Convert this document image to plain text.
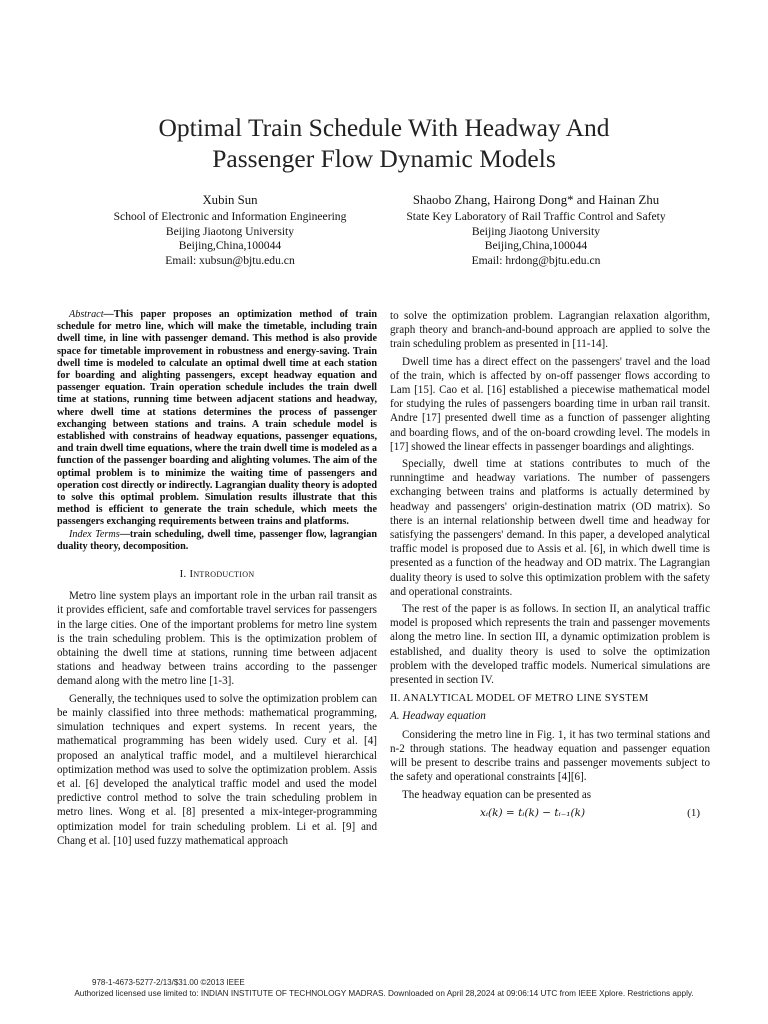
Optimal Train Schedule With Headway And
Passenger Flow Dynamic Models
Xubin Sun
School of Electronic and Information Engineering
Beijing Jiaotong University
Beijing,China,100044
Email: xubsun@bjtu.edu.cn
Shaobo Zhang, Hairong Dong* and Hainan Zhu
State Key Laboratory of Rail Traffic Control and Safety
Beijing Jiaotong University
Beijing,China,100044
Email: hrdong@bjtu.edu.cn

Abstract—This paper proposes an optimization method of train schedule for metro line, which will make the timetable, including train dwell time, in line with passenger demand. This method is also provide space for timetable improvement in robustness and energy-saving. Train dwell time is modeled to calculate an optimal dwell time at each station for boarding and alighting passengers, except headway equation and passenger equation. Train operation schedule includes the train dwell time at stations, running time between adjacent stations and headway, where dwell time at stations determines the process of passenger exchanging between stations and trains. A train schedule model is established with constrains of headway equations, passenger equations, and train dwell time equations, where the train dwell time is modeled as a function of the passenger boarding and alighting volumes. The aim of the optimal problem is to minimize the waiting time of passengers and operation cost directly or indirectly. Lagrangian duality theory is adopted to solve this optimal problem. Simulation results illustrate that this method is efficient to generate the train schedule, which meets the passengers exchanging requirements between trains and platforms.

Index Terms—train scheduling, dwell time, passenger flow, lagrangian duality theory, decomposition.

I. Introduction

Metro line system plays an important role in the urban rail transit as it provides efficient, safe and comfortable travel services for passengers in the large cities. One of the important problems for metro line system is the train scheduling problem. This is the optimization problem of obtaining the dwell time at stations, running time between adjacent stations and headway between trains according to the passenger demand along with the metro line [1-3].

Generally, the techniques used to solve the optimization problem can be mainly classified into three methods: mathematical programming, simulation techniques and expert systems. In recent years, the mathematical programming has been widely used. Cury et al. [4] proposed an analytical traffic model, and a multilevel hierarchical optimization method was used to solve the optimization problem. Assis et al. [6] developed the analytical traffic model and used the model predictive control method to solve the train scheduling problem in metro lines. Wong et al. [8] presented a mix-integer-programming optimization model for train scheduling problem. Li et al. [9] and Chang et al. [10] used fuzzy mathematical approach

to solve the optimization problem. Lagrangian relaxation algorithm, graph theory and branch-and-bound approach are applied to solve the train scheduling problem as presented in [11-14].

Dwell time has a direct effect on the passengers' travel and the load of the train, which is affected by on-off passenger flows according to Lam [15]. Cao et al. [16] established a piecewise mathematical model for studying the rules of passengers boarding time in urban rail transit. Andre [17] presented dwell time as a function of passenger alighting and boarding flows, and of the on-board crowding level. The models in [17] showed the linear effects in passenger boardings and alightings.

Specially, dwell time at stations contributes to much of the runningtime and headway variations. The number of passengers exchanging between trains and platforms is actually determined by headway and passengers' origin-destination matrix (OD matrix). So there is an internal relationship between dwell time and headway for satisfying the passengers' demand. In this paper, a developed analytical traffic model is proposed due to Assis et al. [6], in which dwell time is presented as a function of the headway and OD matrix. The Lagrangian duality theory is used to solve this optimization problem with the safety and operational constraints.

The rest of the paper is as follows. In section II, an analytical traffic model is proposed which represents the train and passenger movements along the metro line. In section III, a dynamic optimization problem is established, and duality theory is used to solve the optimization problem with the developed traffic models. Numerical simulations are presented in section IV.

II. ANALYTICAL MODEL OF METRO LINE SYSTEM
A. Headway equation

Considering the metro line in Fig. 1, it has two terminal stations and n-2 through stations. The headway equation and passenger equation will be present to describe trains and passenger movements subject to the safety and operational constraints [4][6].

The headway equation can be presented as

xᵢ(k) = tᵢ(k) − tᵢ₋₁(k)	(1)
978-1-4673-5277-2/13/$31.00 ©2013 IEEE
Authorized licensed use limited to: INDIAN INSTITUTE OF TECHNOLOGY MADRAS. Downloaded on April 28,2024 at 09:06:14 UTC from IEEE Xplore. Restrictions apply.
